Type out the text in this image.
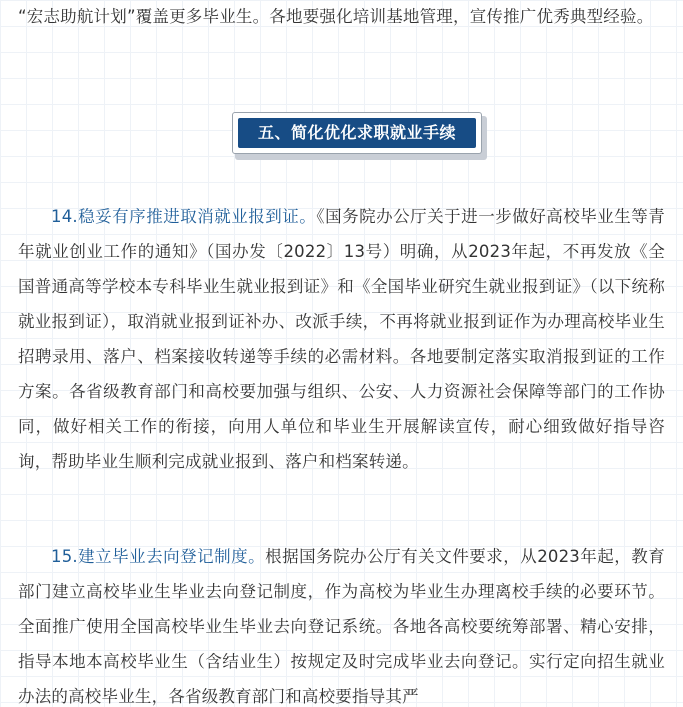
“宏志助航计划”覆盖更多毕业生。各地要强化培训基地管理，宣传推广优秀典型经验。

五、简化优化求职就业手续

14.稳妥有序推进取消就业报到证。《国务院办公厅关于进一步做好高校毕业生等青年就业创业工作的通知》（国办发〔2022〕13号）明确，从2023年起，不再发放《全国普通高等学校本专科毕业生就业报到证》和《全国毕业研究生就业报到证》（以下统称就业报到证），取消就业报到证补办、改派手续，不再将就业报到证作为办理高校毕业生招聘录用、落户、档案接收转递等手续的必需材料。各地要制定落实取消报到证的工作方案。各省级教育部门和高校要加强与组织、公安、人力资源社会保障等部门的工作协同，做好相关工作的衔接，向用人单位和毕业生开展解读宣传，耐心细致做好指导咨询，帮助毕业生顺利完成就业报到、落户和档案转递。

15.建立毕业去向登记制度。根据国务院办公厅有关文件要求，从2023年起，教育部门建立高校毕业生毕业去向登记制度，作为高校为毕业生办理离校手续的必要环节。全面推广使用全国高校毕业生毕业去向登记系统。各地各高校要统筹部署、精心安排，指导本地本高校毕业生（含结业生）按规定及时完成毕业去向登记。实行定向招生就业办法的高校毕业生，各省级教育部门和高校要指导其严
